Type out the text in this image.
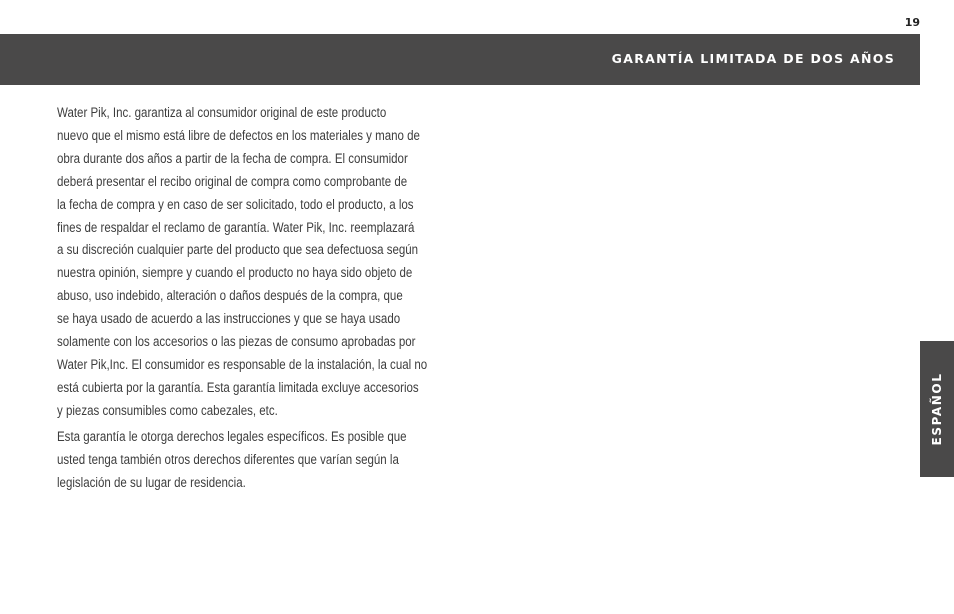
19
GARANTÍA LIMITADA DE DOS AÑOS
Water Pik, Inc. garantiza al consumidor original de este producto
nuevo que el mismo está libre de defectos en los materiales y mano de
obra durante dos años a partir de la fecha de compra. El consumidor
deberá presentar el recibo original de compra como comprobante de
la fecha de compra y en caso de ser solicitado, todo el producto, a los
fines de respaldar el reclamo de garantía. Water Pik, Inc. reemplazará
a su discreción cualquier parte del producto que sea defectuosa según
nuestra opinión, siempre y cuando el producto no haya sido objeto de
abuso, uso indebido, alteración o daños después de la compra, que
se haya usado de acuerdo a las instrucciones y que se haya usado
solamente con los accesorios o las piezas de consumo aprobadas por
Water Pik,Inc. El consumidor es responsable de la instalación, la cual no
está cubierta por la garantía. Esta garantía limitada excluye accesorios
y piezas consumibles como cabezales, etc.
Esta garantía le otorga derechos legales específicos. Es posible que
usted tenga también otros derechos diferentes que varían según la
legislación de su lugar de residencia.
ESPAÑOL
